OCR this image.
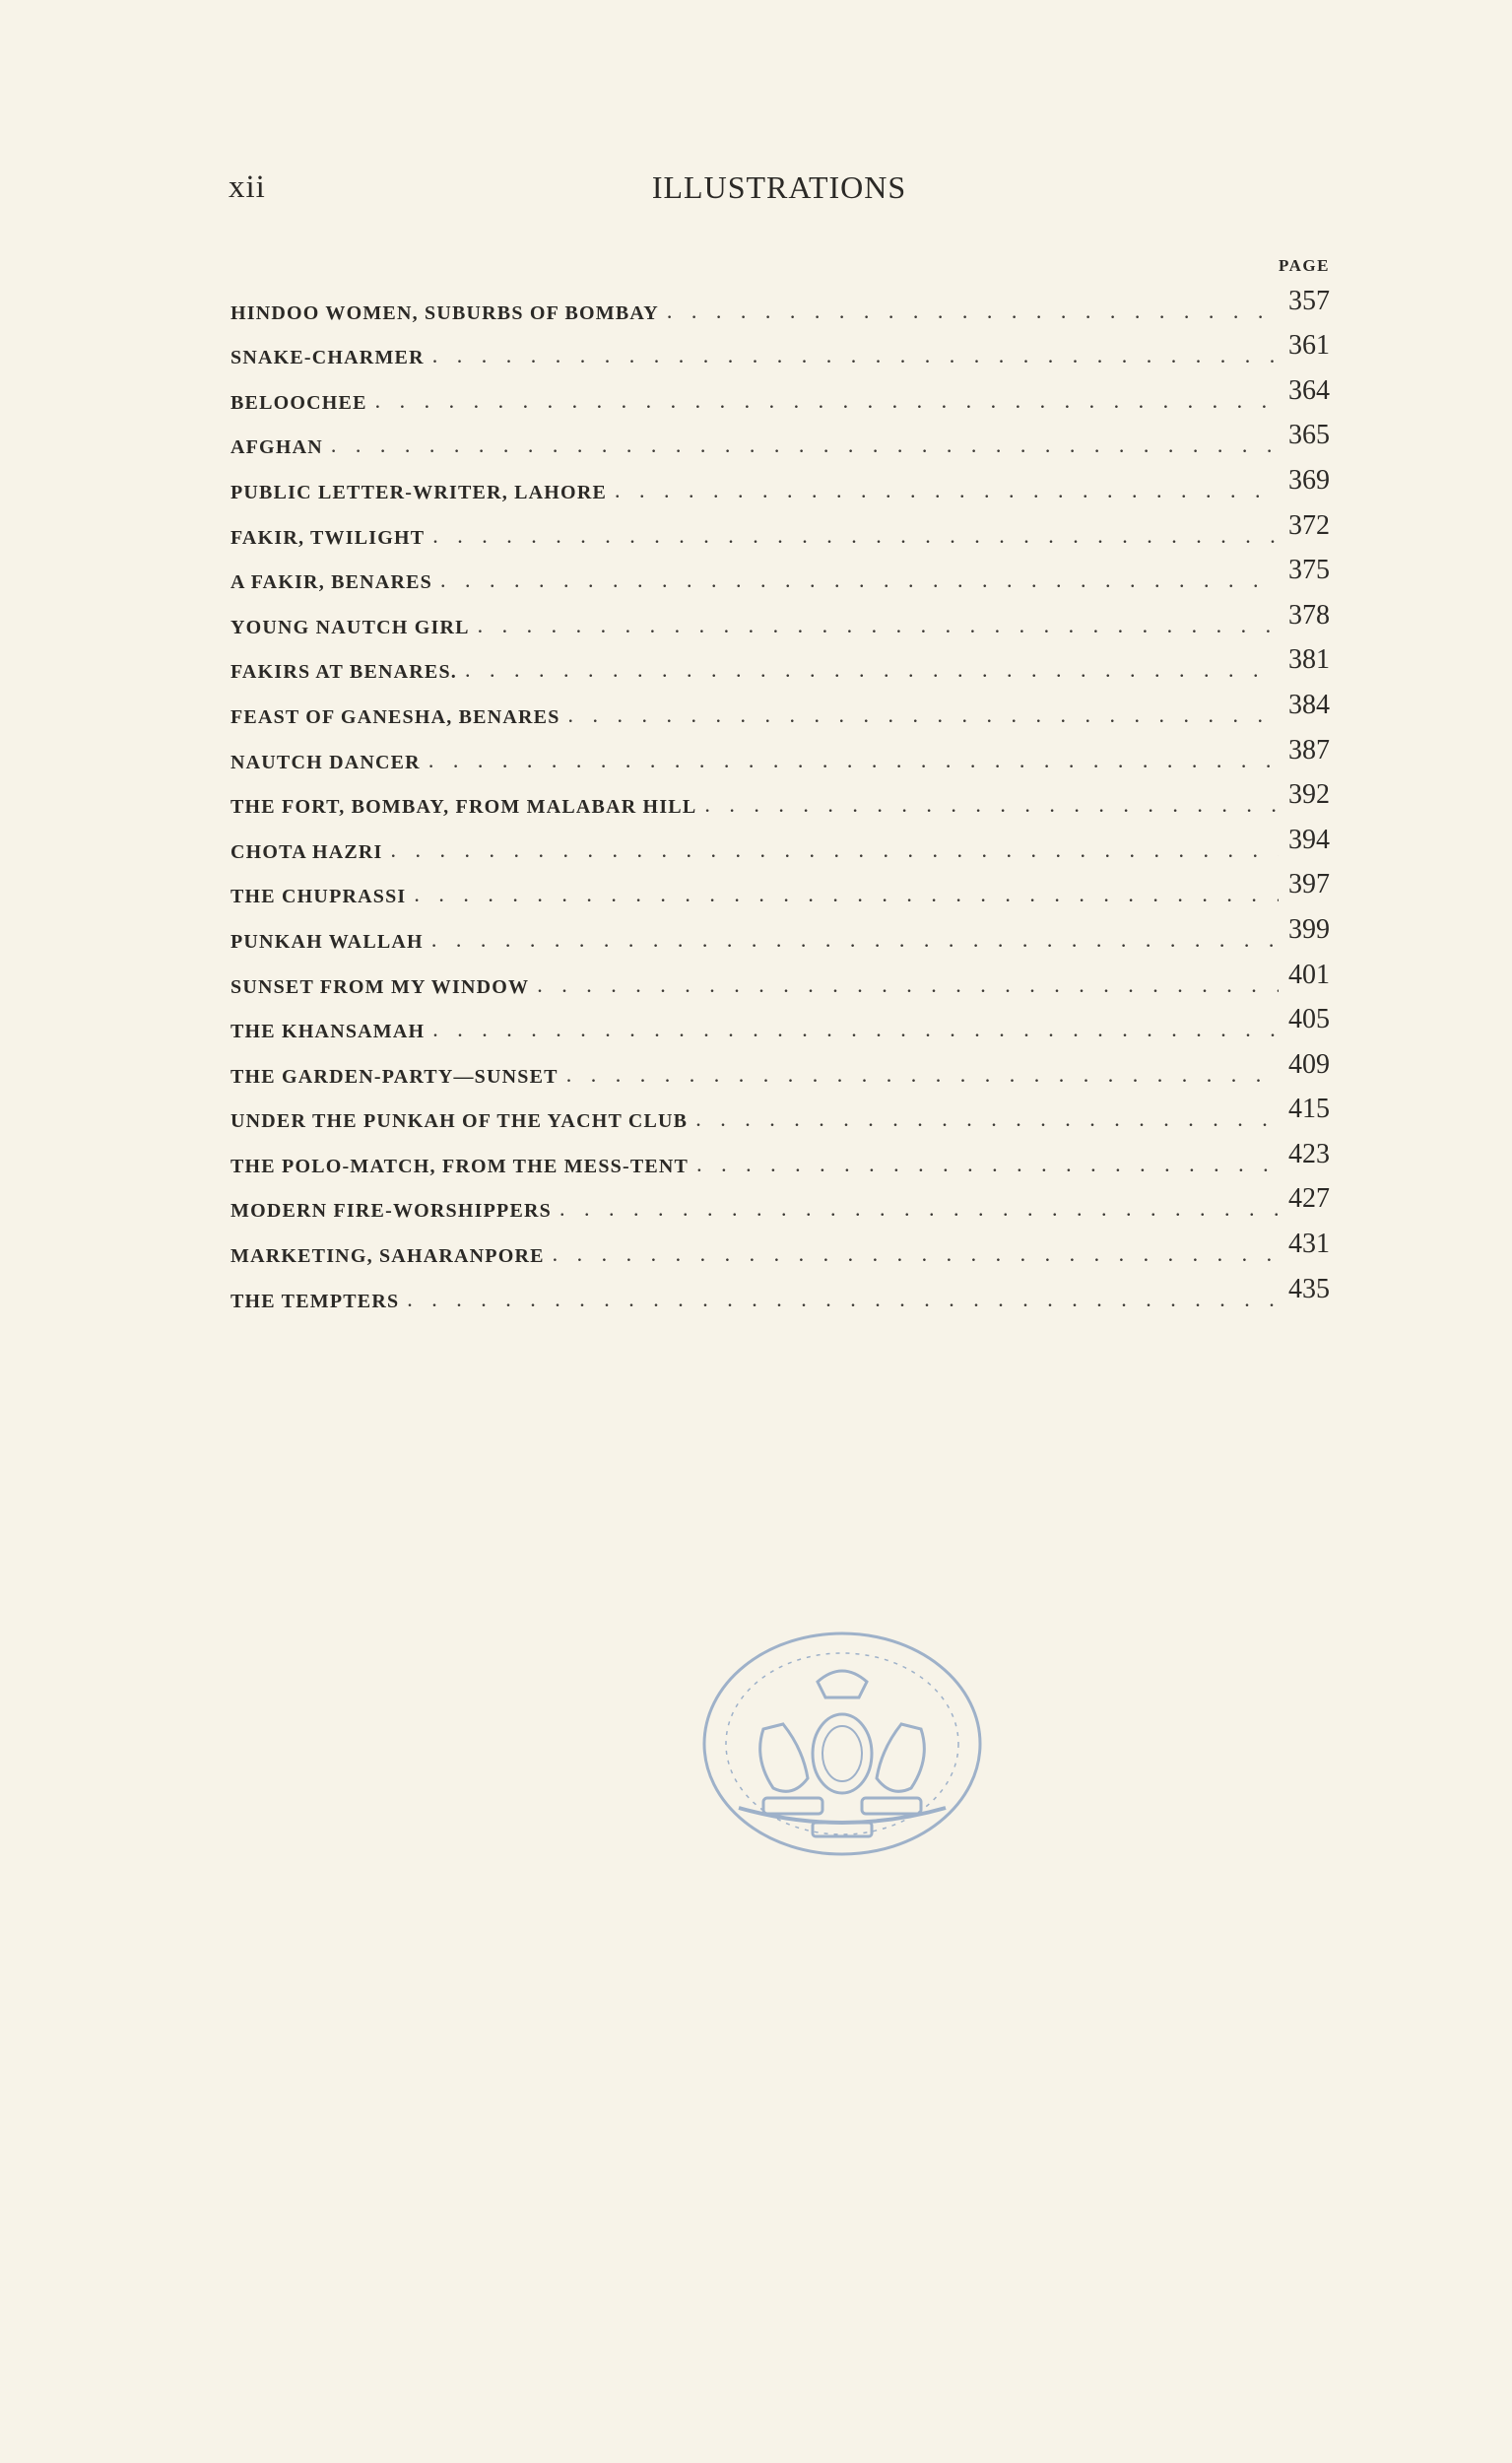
xii	ILLUSTRATIONS
PAGE
HINDOO WOMEN, SUBURBS OF BOMBAY . . .	357
SNAKE-CHARMER . . .	361
BELOOCHEE . . .	364
AFGHAN . . .	365
PUBLIC LETTER-WRITER, LAHORE . . .	369
FAKIR, TWILIGHT . . .	372
A FAKIR, BENARES . . .	375
YOUNG NAUTCH GIRL . . .	378
FAKIRS AT BENARES. . . .	381
FEAST OF GANESHA, BENARES . . .	384
NAUTCH DANCER . . .	387
THE FORT, BOMBAY, FROM MALABAR HILL . . .	392
CHOTA HAZRI . . .	394
THE CHUPRASSI . . .	397
PUNKAH WALLAH . . .	399
SUNSET FROM MY WINDOW . . .	401
THE KHANSAMAH . . .	405
THE GARDEN-PARTY—SUNSET . . .	409
UNDER THE PUNKAH OF THE YACHT CLUB . . .	415
THE POLO-MATCH, FROM THE MESS-TENT . . .	423
MODERN FIRE-WORSHIPPERS . . .	427
MARKETING, SAHARANPORE . . .	431
THE TEMPTERS . . .	435
